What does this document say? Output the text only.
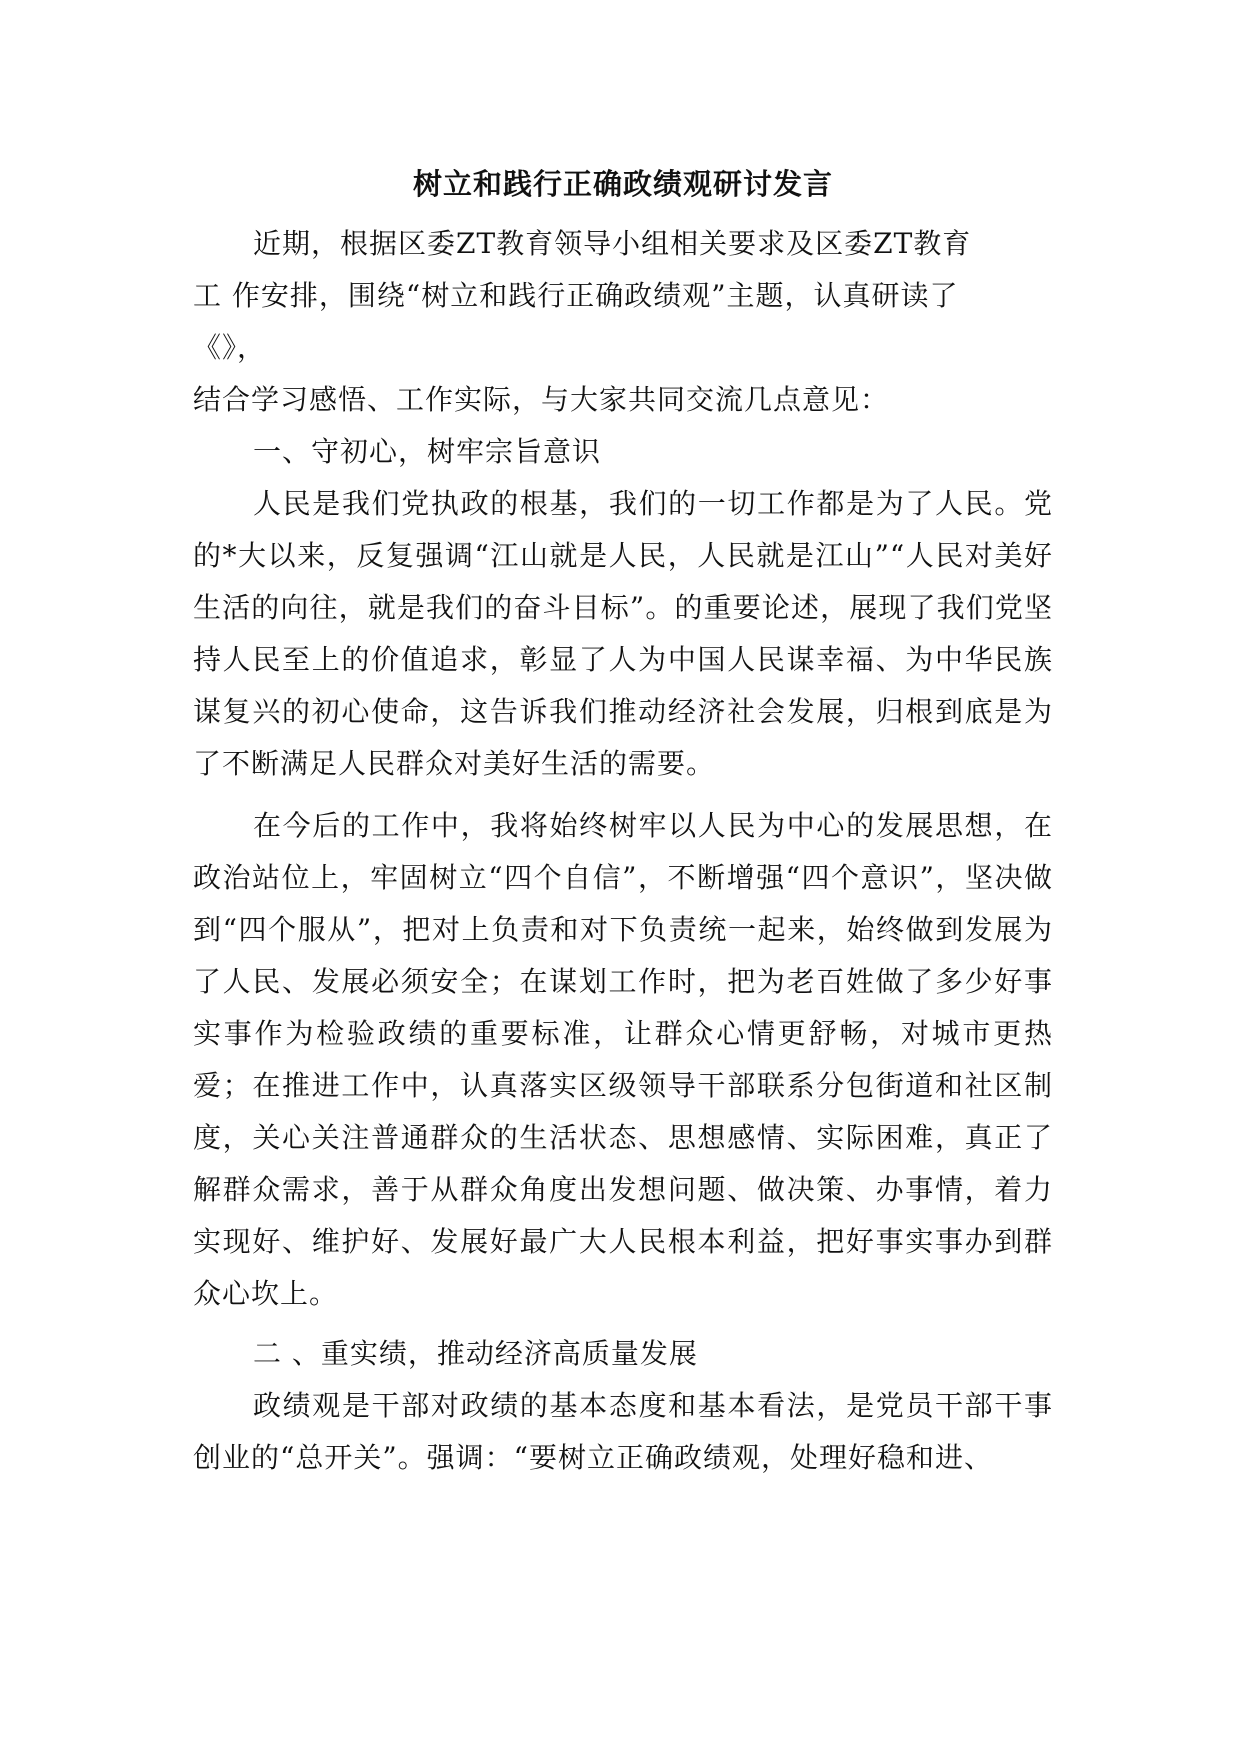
树立和践行正确政绩观研讨发言
近期，根据区委ZT教育领导小组相关要求及区委ZT教育
工 作安排，围绕“树立和践行正确政绩观”主题，认真研读了
《》，
结合学习感悟、工作实际，与大家共同交流几点意见：
一、守初心，树牢宗旨意识

人民是我们党执政的根基，我们的一切工作都是为了人民。党的*大以来，反复强调“江山就是人民，人民就是江山”“人民对美好生活的向往，就是我们的奋斗目标”。的重要论述，展现了我们党坚持人民至上的价值追求，彰显了人为中国人民谋幸福、为中华民族谋复兴的初心使命，这告诉我们推动经济社会发展，归根到底是为了不断满足人民群众对美好生活的需要。

在今后的工作中，我将始终树牢以人民为中心的发展思想，在政治站位上，牢固树立“四个自信”，不断增强“四个意识”，坚决做到“四个服从”，把对上负责和对下负责统一起来，始终做到发展为了人民、发展必须安全；在谋划工作时，把为老百姓做了多少好事实事作为检验政绩的重要标准，让群众心情更舒畅，对城市更热爱；在推进工作中，认真落实区级领导干部联系分包街道和社区制度，关心关注普通群众的生活状态、思想感情、实际困难，真正了解群众需求，善于从群众角度出发想问题、做决策、办事情，着力实现好、维护好、发展好最广大人民根本利益，把好事实事办到群众心坎上。

二 、重实绩，推动经济高质量发展

政绩观是干部对政绩的基本态度和基本看法，是党员干部干事创业的“总开关”。强调：“要树立正确政绩观，处理好稳和进、
